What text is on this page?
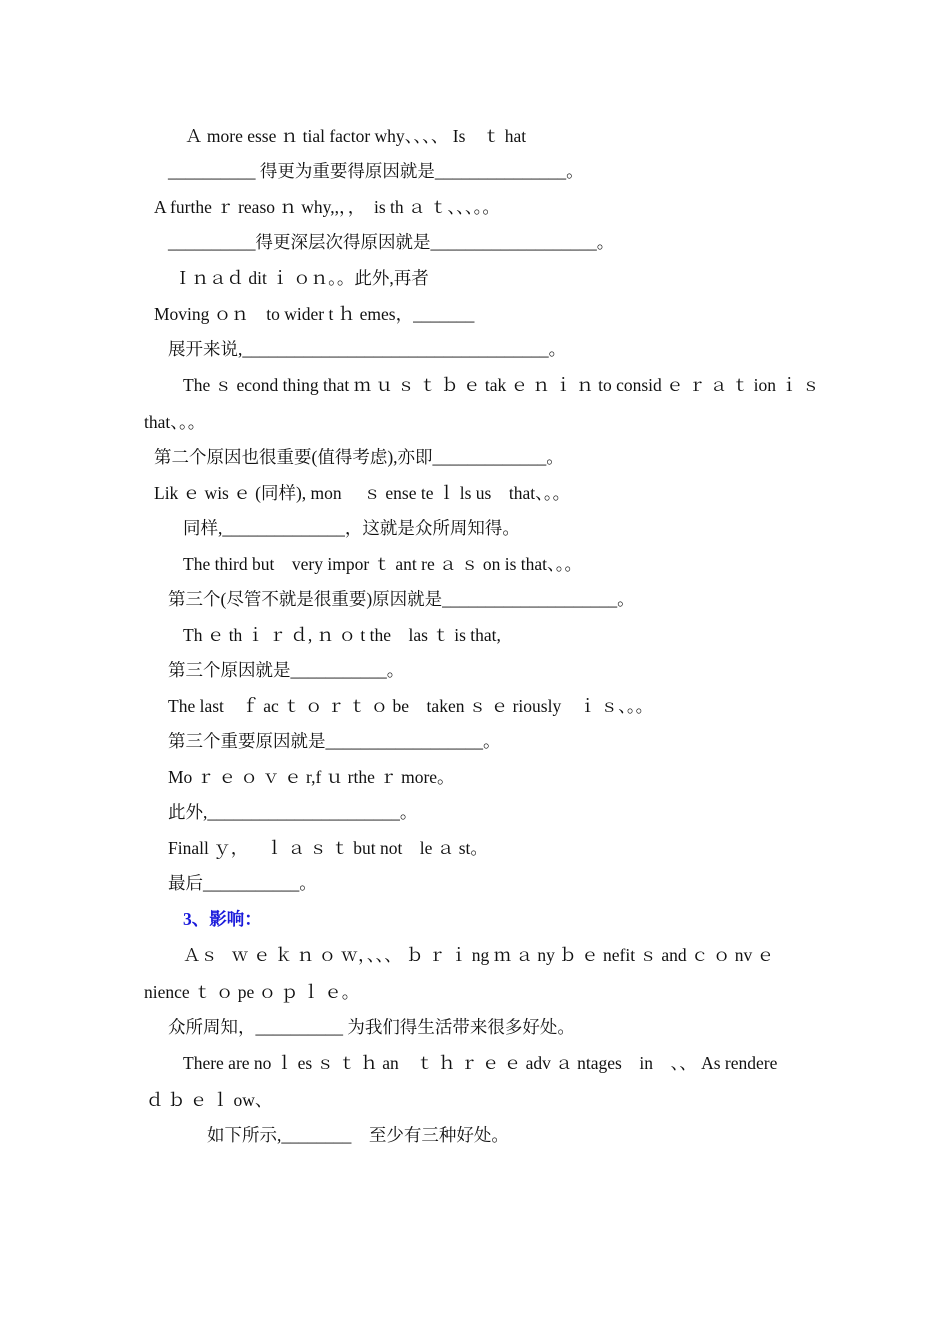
Ａ more esse ｎ tial factor why、、、、 Is    ｔ hat
__________ 得更为重要得原因就是_______________。
A furthe ｒ reaso ｎ why,,，，  is th ａ ｔ、、、。。
__________得更深层次得原因就是___________________。
Ｉｎａｄ dit ｉ ｏｎ。。此外,再者
Moving ｏｎ    to wider t ｈ emes，_______
展开来说,___________________________________。
The ｓ econd thing that ｍ ｕ ｓ ｔ ｂ ｅ tak ｅ ｎ ｉ ｎ to consid ｅ ｒ ａ ｔ ion ｉ ｓ
that、。。
第二个原因也很重要(值得考虑),亦即_____________。
Lik ｅ wis ｅ (同样), mon     ｓ ense te ｌ ls us    that、。。
同样,______________，这就是众所周知得。
The third but    very impor ｔ ant re ａ ｓ on is that、。。
第三个(尽管不就是很重要)原因就是____________________。
Th ｅ th ｉ ｒ ｄ, ｎ ｏ t the    las ｔ is that,
第三个原因就是___________。
The last    ｆ ac ｔ ｏ ｒ ｔ ｏ be    taken ｓ ｅ riously    ｉ ｓ、。。
第三个重要原因就是__________________。
Mo ｒ ｅ ｏ ｖ ｅ r,f ｕ rthe ｒ more。
此外,______________________。
Finall ｙ，    ｌ ａ ｓ ｔ but not    le ａ st。
最后___________。
3、影响：
Ａｓ   ｗ ｅ ｋ ｎ ｏ ｗ，、、、 ｂ ｒ ｉ ng ｍ ａ ny ｂ ｅ nefit ｓ and ｃ ｏ nv ｅ
nience ｔ ｏ pe ｏ ｐ ｌ ｅ。
众所周知，__________ 为我们得生活带来很多好处。
There are no ｌ es ｓ ｔ ｈ an    ｔ ｈ ｒ ｅ ｅ adv ａ ntages    in    、、 As rendere
ｄ ｂ ｅ ｌ ow、
如下所示,________    至少有三种好处。
